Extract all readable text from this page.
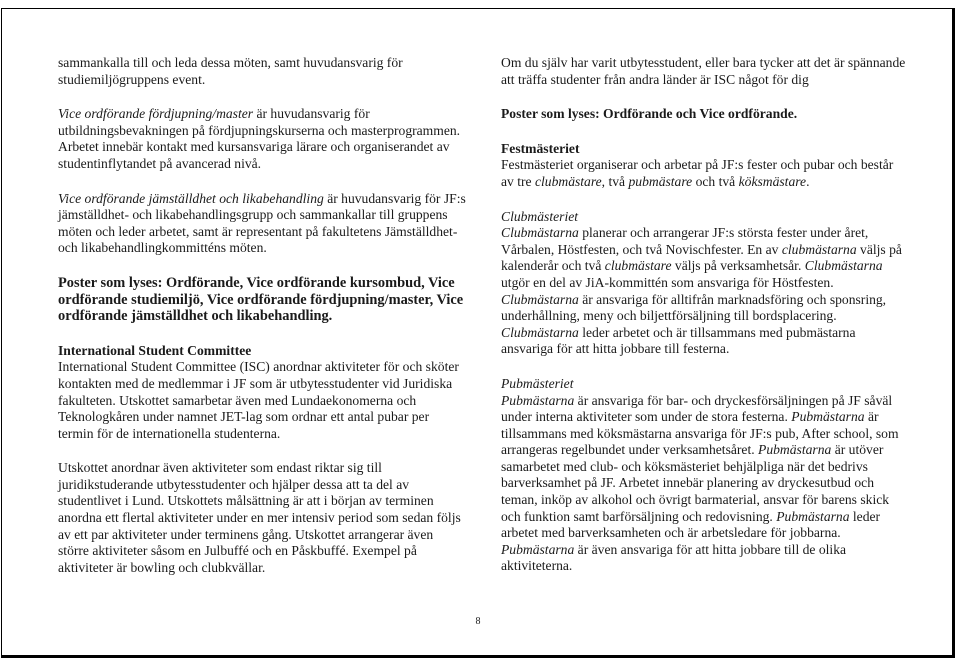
sammankalla till och leda dessa möten, samt huvudansvarig för studiemiljögruppens event.

Vice ordförande fördjupning/master är huvudansvarig för utbildningsbevakningen på fördjupningskurserna och masterprogrammen. Arbetet innebär kontakt med kursansvariga lärare och organiserandet av studentinflytandet på avancerad nivå.

Vice ordförande jämställdhet och likabehandling är huvudansvarig för JF:s jämställdhet- och likabehandlingsgrupp och sammankallar till gruppens möten och leder arbetet, samt är representant på fakultetens Jämställdhet- och likabehandlingkommitténs möten.

Poster som lyses: Ordförande, Vice ordförande kursombud, Vice ordförande studiemiljö, Vice ordförande fördjupning/master, Vice ordförande jämställdhet och likabehandling.

International Student Committee
International Student Committee (ISC) anordnar aktiviteter för och sköter kontakten med de medlemmar i JF som är utbytesstudenter vid Juridiska fakulteten. Utskottet samarbetar även med Lundaekonomerna och Teknologkåren under namnet JET-lag som ordnar ett antal pubar per termin för de internationella studenterna.

Utskottet anordnar även aktiviteter som endast riktar sig till juridikstuderande utbytesstudenter och hjälper dessa att ta del av studentlivet i Lund. Utskottets målsättning är att i början av terminen anordna ett flertal aktiviteter under en mer intensiv period som sedan följs av ett par aktiviteter under terminens gång. Utskottet arrangerar även större aktiviteter såsom en Julbuffé och en Påskbuffé. Exempel på aktiviteter är bowling och clubkvällar.

Om du själv har varit utbytesstudent, eller bara tycker att det är spännande att träffa studenter från andra länder är ISC något för dig

Poster som lyses: Ordförande och Vice ordförande.

Festmästeriet
Festmästeriet organiserar och arbetar på JF:s fester och pubar och består av tre clubmästare, två pubmästare och två köksmästare.

Clubmästeriet
Clubmästarna planerar och arrangerar JF:s största fester under året, Vårbalen, Höstfesten, och två Novischfester. En av clubmästarna väljs på kalenderår och två clubmästare väljs på verksamhetsår. Clubmästarna utgör en del av JiA-kommittén som ansvariga för Höstfesten. Clubmästarna är ansvariga för alltifrån marknadsföring och sponsring, underhållning, meny och biljettförsäljning till bordsplacering. Clubmästarna leder arbetet och är tillsammans med pubmästarna ansvariga för att hitta jobbare till festerna.

Pubmästeriet
Pubmästarna är ansvariga för bar- och dryckesförsäljningen på JF såväl under interna aktiviteter som under de stora festerna. Pubmästarna är tillsammans med köksmästarna ansvariga för JF:s pub, After school, som arrangeras regelbundet under verksamhetsåret. Pubmästarna är utöver samarbetet med club- och köksmästeriet behjälpliga när det bedrivs barverksamhet på JF. Arbetet innebär planering av dryckesutbud och teman, inköp av alkohol och övrigt barmaterial, ansvar för barens skick och funktion samt barförsäljning och redovisning. Pubmästarna leder arbetet med barverksamheten och är arbetsledare för jobbarna. Pubmästarna är även ansvariga för att hitta jobbare till de olika aktiviteterna.

8
